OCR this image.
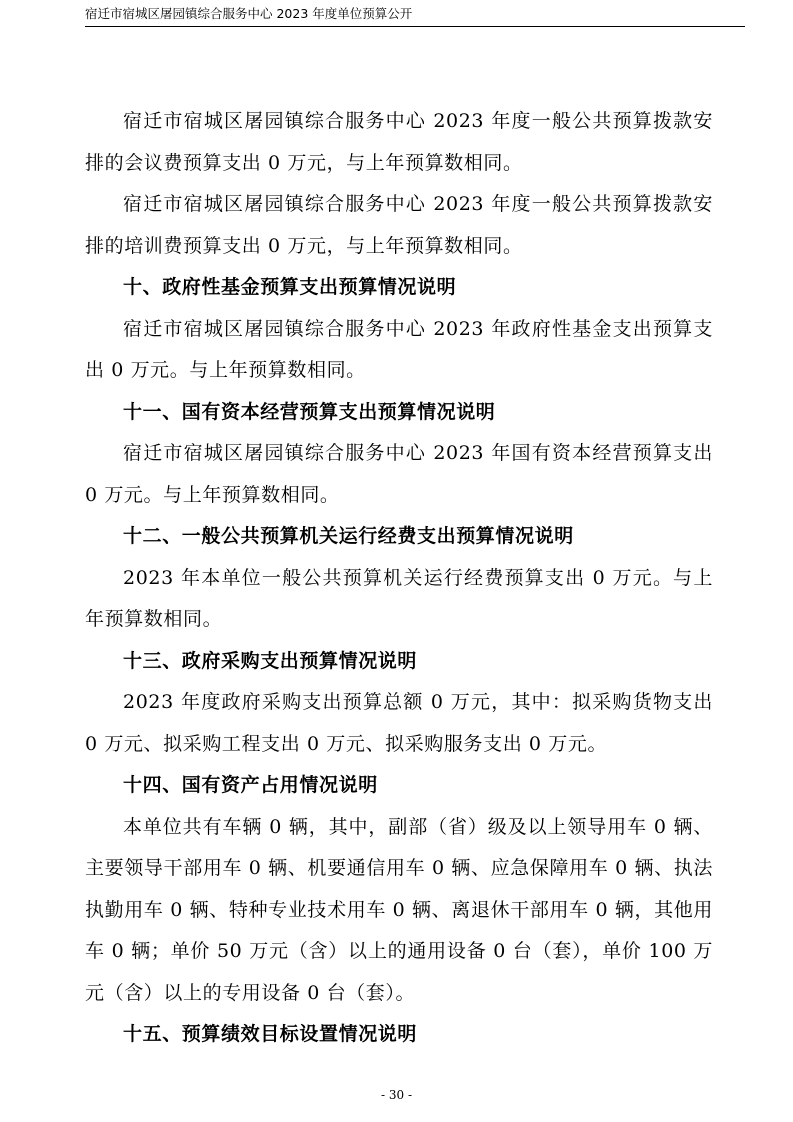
宿迁市宿城区屠园镇综合服务中心 2023 年度单位预算公开

宿迁市宿城区屠园镇综合服务中心 2023 年度一般公共预算拨款安排的会议费预算支出 0 万元，与上年预算数相同。

宿迁市宿城区屠园镇综合服务中心 2023 年度一般公共预算拨款安排的培训费预算支出 0 万元，与上年预算数相同。

十、政府性基金预算支出预算情况说明

宿迁市宿城区屠园镇综合服务中心 2023 年政府性基金支出预算支出 0 万元。与上年预算数相同。

十一、国有资本经营预算支出预算情况说明

宿迁市宿城区屠园镇综合服务中心 2023 年国有资本经营预算支出 0 万元。与上年预算数相同。

十二、一般公共预算机关运行经费支出预算情况说明

2023 年本单位一般公共预算机关运行经费预算支出 0 万元。与上年预算数相同。

十三、政府采购支出预算情况说明

2023 年度政府采购支出预算总额 0 万元，其中：拟采购货物支出 0 万元、拟采购工程支出 0 万元、拟采购服务支出 0 万元。

十四、国有资产占用情况说明

本单位共有车辆 0 辆，其中，副部（省）级及以上领导用车 0 辆、主要领导干部用车 0 辆、机要通信用车 0 辆、应急保障用车 0 辆、执法执勤用车 0 辆、特种专业技术用车 0 辆、离退休干部用车 0 辆，其他用车 0 辆；单价 50 万元（含）以上的通用设备 0 台（套），单价 100 万元（含）以上的专用设备 0 台（套）。

十五、预算绩效目标设置情况说明

- 30 -
